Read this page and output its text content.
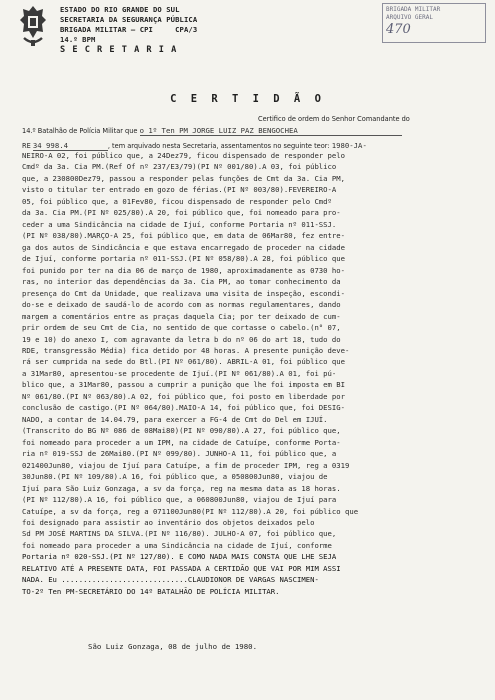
ESTADO DO RIO GRANDE DO SUL
SECRETARIA DA SEGURANÇA PÚBLICA
BRIGADA MILITAR — CPI     CPA/3
14.º BPM
S E C R E T A R I A
BRIGADA MILITAR
ARQUIVO GERAL
470
C E R T I D Ã O
Certifico de ordem do Senhor Comandante do
14.º Batalhão de Polícia Militar que o 1º Ten PM JORGE LUIZ PAZ BENGOCHEA
RE 34 998.4	, tem arquivado nesta Secretaria, assentamentos no seguinte teor: 1980-JA-
NEIRO-A 02, foi público que, a 24Dez79, ficou dispensado de responder pelo
Cmdº da 3a. Cia PM.(Ref Of nº 237/E3/79)(PI Nº 001/80).A 03, foi público
que, a 230800Dez79, passou a responder pelas funções de Cmt da 3a. Cia PM,
visto o titular ter entrado em gozo de férias.(PI Nº 003/80).FEVEREIRO-A
05, foi público que, a 01Fev80, ficou dispensado de responder pelo Cmdº
da 3a. Cia PM.(PI Nº 025/80).A 20, foi público que, foi nomeado para pro-
ceder a uma Sindicância na cidade de Ijuí, conforme Portaria nº 011-SSJ.
(PI Nº 038/80).MARÇO-A 25, foi público que, em data de 06Mar80, fez entre-
ga dos autos de Sindicância e que estava encarregado de proceder na cidade
de Ijuí, conforme portaria nº 011-SSJ.(PI Nº 058/80).A 28, foi público que
foi punido por ter na dia 06 de março de 1980, aproximadamente as 0730 ho-
ras, no interior das dependências da 3a. Cia PM, ao tomar conhecimento da
presença do Cmt da Unidade, que realizava uma visita de inspeção, escondi-
do-se e deixado de saudá-lo de acordo com as normas regulamentares, dando
margem a comentários entre as praças daquela Cia; por ter deixado de cum-
prir ordem de seu Cmt de Cia, no sentido de que cortasse o cabelo.(n° 07,
19 e 10) do anexo I, com agravante da letra b do nº 06 do art 18, tudo do
RDE, transgressão Média) fica detido por 48 horas. A presente punição deve-
rá ser cumprida na sede do Btl.(PI Nº 061/80). ABRIL-A 01, foi público que
a 31Mar80, apresentou-se procedente de Ijuí.(PI Nº 061/80).A 01, foi pú-
blico que, a 31Mar80, passou a cumprir a punição que lhe foi imposta em BI
Nº 061/80.(PI Nº 063/80).A 02, foi público que, foi posto em liberdade por
conclusão de castigo.(PI Nº 064/80).MAIO-A 14, foi público que, foi DESIG-
NADO, a contar de 14.04.79, para exercer a FG-4 de Cmt do Del em IJUÍ.
(Transcrito do BG Nº 086 de 08Mai80)(PI Nº 090/80).A 27, foi público que,
foi nomeado para proceder a um IPM, na cidade de Catuípe, conforme Porta-
ria nº 019-SSJ de 26Mai80.(PI Nº 099/80). JUNHO-A 11, foi público que, a
021400Jun80, viajou de Ijuí para Catuípe, a fim de proceder IPM, reg a 0319
30Jun80.(PI Nº 109/80).A 16, foi público que, a 050800Jun80, viajou de
Ijuí para São Luiz Gonzaga, a sv da força, reg na mesma data as 18 horas.
(PI Nº 112/80).A 16, foi público que, a 060800Jun80, viajou de Ijuí para
Catuípe, a sv da força, reg a 071100Jun80(PI Nº 112/80).A 20, foi público que
foi designado para assistir ao inventário dos objetos deixados pelo
Sd PM JOSÉ MARTINS DA SILVA.(PI Nº 116/80). JULHO-A 07, foi público que,
foi nomeado para proceder a uma Sindicância na cidade de Ijuí, conforme
Portaria nº 020-SSJ.(PI Nº 127/80). E COMO NADA MAIS CONSTA QUE LHE SEJA
RELATIVO ATÉ A PRESENTE DATA, FOI PASSADA A CERTIDÃO QUE VAI POR MIM ASSI
NADA. Eu .............................CLAUDIONOR DE VARGAS NASCIMEN-
TO-2º Ten PM-SECRETÁRIO DO 14º BATALHÃO DE POLÍCIA MILITAR.
São Luiz Gonzaga, 08 de julho de 1980.
